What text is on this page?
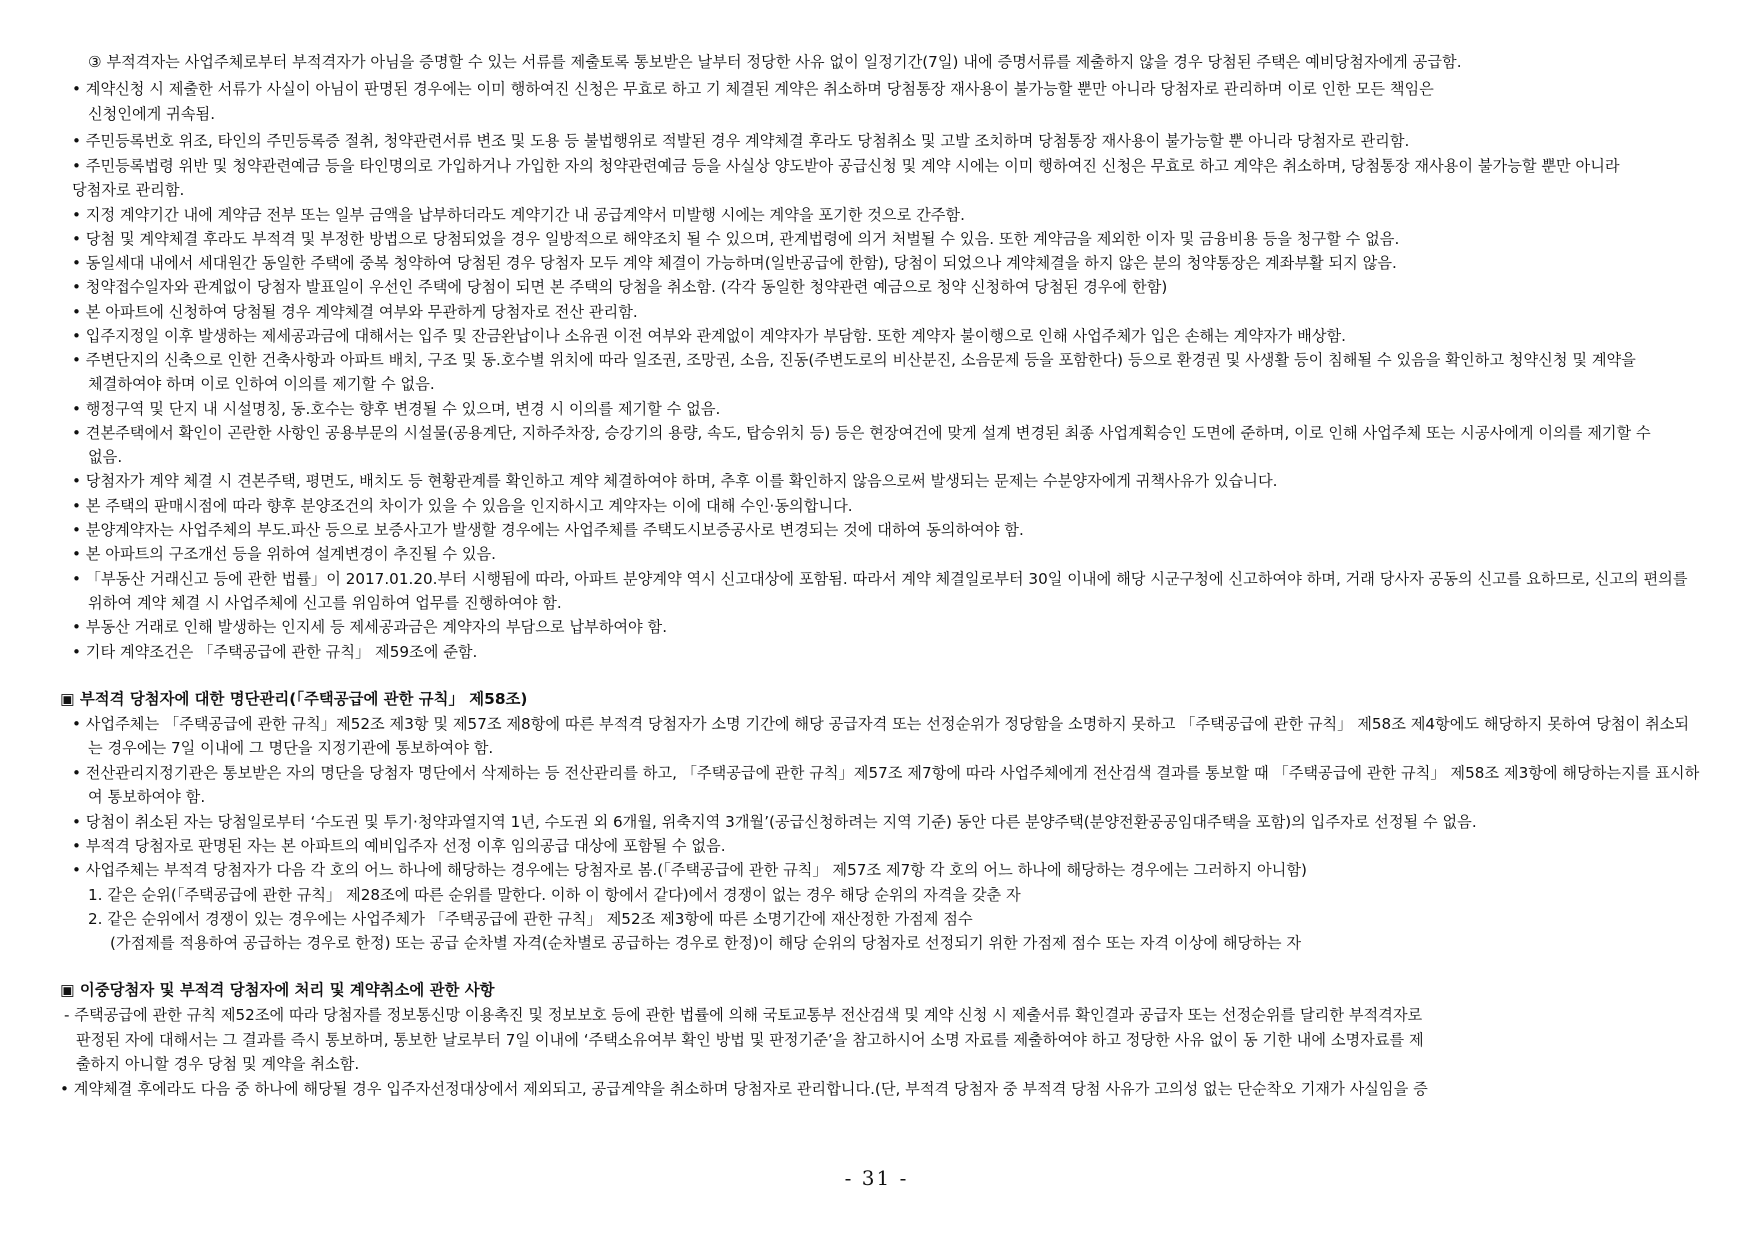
③ 부적격자는 사업주체로부터 부적격자가 아님을 증명할 수 있는 서류를 제출토록 통보받은 날부터 정당한 사유 없이 일정기간(7일) 내에 증명서류를 제출하지 않을 경우 당첨된 주택은 예비당첨자에게 공급함.
• 계약신청 시 제출한 서류가 사실이 아님이 판명된 경우에는 이미 행하여진 신청은 무효로 하고 기 체결된 계약은 취소하며 당첨통장 재사용이 불가능할 뿐만 아니라 당첨자로 관리하며 이로 인한 모든 책임은
신청인에게 귀속됨.
• 주민등록번호 위조, 타인의 주민등록증 절취, 청약관련서류 변조 및 도용 등 불법행위로 적발된 경우 계약체결 후라도 당첨취소 및 고발 조치하며 당첨통장 재사용이 불가능할 뿐 아니라 당첨자로 관리함.
• 주민등록법령 위반 및 청약관련예금 등을 타인명의로 가입하거나 가입한 자의 청약관련예금 등을 사실상 양도받아 공급신청 및 계약 시에는 이미 행하여진 신청은 무효로 하고 계약은 취소하며, 당첨통장 재사용이 불가능할 뿐만 아니라
당첨자로 관리함.
• 지정 계약기간 내에 계약금 전부 또는 일부 금액을 납부하더라도 계약기간 내 공급계약서 미발행 시에는 계약을 포기한 것으로 간주함.
• 당첨 및 계약체결 후라도 부적격 및 부정한 방법으로 당첨되었을 경우 일방적으로 해약조치 될 수 있으며, 관계법령에 의거 처벌될 수 있음. 또한 계약금을 제외한 이자 및 금융비용 등을 청구할 수 없음.
• 동일세대 내에서 세대원간 동일한 주택에 중복 청약하여 당첨된 경우 당첨자 모두 계약 체결이 가능하며(일반공급에 한함), 당첨이 되었으나 계약체결을 하지 않은 분의 청약통장은 계좌부활 되지 않음.
• 청약접수일자와 관계없이 당첨자 발표일이 우선인 주택에 당첨이 되면 본 주택의 당첨을 취소함. (각각 동일한 청약관련 예금으로 청약 신청하여 당첨된 경우에 한함)
• 본 아파트에 신청하여 당첨될 경우 계약체결 여부와 무관하게 당첨자로 전산 관리함.
• 입주지정일 이후 발생하는 제세공과금에 대해서는 입주 및 잔금완납이나 소유권 이전 여부와 관계없이 계약자가 부담함. 또한 계약자 불이행으로 인해 사업주체가 입은 손해는 계약자가 배상함.
• 주변단지의 신축으로 인한 건축사항과 아파트 배치, 구조 및 동.호수별 위치에 따라 일조권, 조망권, 소음, 진동(주변도로의 비산분진, 소음문제 등을 포함한다) 등으로 환경권 및 사생활 등이 침해될 수 있음을 확인하고 청약신청 및 계약을
체결하여야 하며 이로 인하여 이의를 제기할 수 없음.
• 행정구역 및 단지 내 시설명칭, 동.호수는 향후 변경될 수 있으며, 변경 시 이의를 제기할 수 없음.
• 견본주택에서 확인이 곤란한 사항인 공용부문의 시설물(공용계단, 지하주차장, 승강기의 용량, 속도, 탑승위치 등) 등은 현장여건에 맞게 설계 변경된 최종 사업계획승인 도면에 준하며, 이로 인해 사업주체 또는 시공사에게 이의를 제기할 수
없음.
• 당첨자가 계약 체결 시 견본주택, 평면도, 배치도 등 현황관계를 확인하고 계약 체결하여야 하며, 추후 이를 확인하지 않음으로써 발생되는 문제는 수분양자에게 귀책사유가 있습니다.
• 본 주택의 판매시점에 따라 향후 분양조건의 차이가 있을 수 있음을 인지하시고 계약자는 이에 대해 수인·동의합니다.
• 분양계약자는 사업주체의 부도.파산 등으로 보증사고가 발생할 경우에는 사업주체를 주택도시보증공사로 변경되는 것에 대하여 동의하여야 함.
• 본 아파트의 구조개선 등을 위하여 설계변경이 추진될 수 있음.
• 「부동산 거래신고 등에 관한 법률」이 2017.01.20.부터 시행됨에 따라, 아파트 분양계약 역시 신고대상에 포함됨. 따라서 계약 체결일로부터 30일 이내에 해당 시군구청에 신고하여야 하며, 거래 당사자 공동의 신고를 요하므로, 신고의 편의를
위하여 계약 체결 시 사업주체에 신고를 위임하여 업무를 진행하여야 함.
• 부동산 거래로 인해 발생하는 인지세 등 제세공과금은 계약자의 부담으로 납부하여야 함.
• 기타 계약조건은 「주택공급에 관한 규칙」 제59조에 준함.
▣ 부적격 당첨자에 대한 명단관리(「주택공급에 관한 규칙」 제58조)
• 사업주체는 「주택공급에 관한 규칙」제52조 제3항 및 제57조 제8항에 따른 부적격 당첨자가 소명 기간에 해당 공급자격 또는 선정순위가 정당함을 소명하지 못하고 「주택공급에 관한 규칙」 제58조 제4항에도 해당하지 못하여 당첨이 취소되
는 경우에는 7일 이내에 그 명단을 지정기관에 통보하여야 함.
• 전산관리지정기관은 통보받은 자의 명단을 당첨자 명단에서 삭제하는 등 전산관리를 하고, 「주택공급에 관한 규칙」제57조 제7항에 따라 사업주체에게 전산검색 결과를 통보할 때 「주택공급에 관한 규칙」 제58조 제3항에 해당하는지를 표시하
여 통보하여야 함.
• 당첨이 취소된 자는 당첨일로부터 ‘수도권 및 투기·청약과열지역 1년, 수도권 외 6개월, 위축지역 3개월’(공급신청하려는 지역 기준) 동안 다른 분양주택(분양전환공공임대주택을 포함)의 입주자로 선정될 수 없음.
• 부적격 당첨자로 판명된 자는 본 아파트의 예비입주자 선정 이후 임의공급 대상에 포함될 수 없음.
• 사업주체는 부적격 당첨자가 다음 각 호의 어느 하나에 해당하는 경우에는 당첨자로 봄.(「주택공급에 관한 규칙」 제57조 제7항 각 호의 어느 하나에 해당하는 경우에는 그러하지 아니함)
1. 같은 순위(「주택공급에 관한 규칙」 제28조에 따른 순위를 말한다. 이하 이 항에서 같다)에서 경쟁이 없는 경우 해당 순위의 자격을 갖춘 자
2. 같은 순위에서 경쟁이 있는 경우에는 사업주체가 「주택공급에 관한 규칙」 제52조 제3항에 따른 소명기간에 재산정한 가점제 점수
(가점제를 적용하여 공급하는 경우로 한정) 또는 공급 순차별 자격(순차별로 공급하는 경우로 한정)이 해당 순위의 당첨자로 선정되기 위한 가점제 점수 또는 자격 이상에 해당하는 자
▣ 이중당첨자 및 부적격 당첨자에 처리 및 계약취소에 관한 사항
- 주택공급에 관한 규칙 제52조에 따라 당첨자를 정보통신망 이용촉진 및 정보보호 등에 관한 법률에 의해 국토교통부 전산검색 및 계약 신청 시 제출서류 확인결과 공급자 또는 선정순위를 달리한 부적격자로
판정된 자에 대해서는 그 결과를 즉시 통보하며, 통보한 날로부터 7일 이내에 ‘주택소유여부 확인 방법 및 판정기준’을 참고하시어 소명 자료를 제출하여야 하고 정당한 사유 없이 동 기한 내에 소명자료를 제
출하지 아니할 경우 당첨 및 계약을 취소함.
• 계약체결 후에라도 다음 중 하나에 해당될 경우 입주자선정대상에서 제외되고, 공급계약을 취소하며 당첨자로 관리합니다.(단, 부적격 당첨자 중 부적격 당첨 사유가 고의성 없는 단순착오 기재가 사실임을 증
- 31 -
